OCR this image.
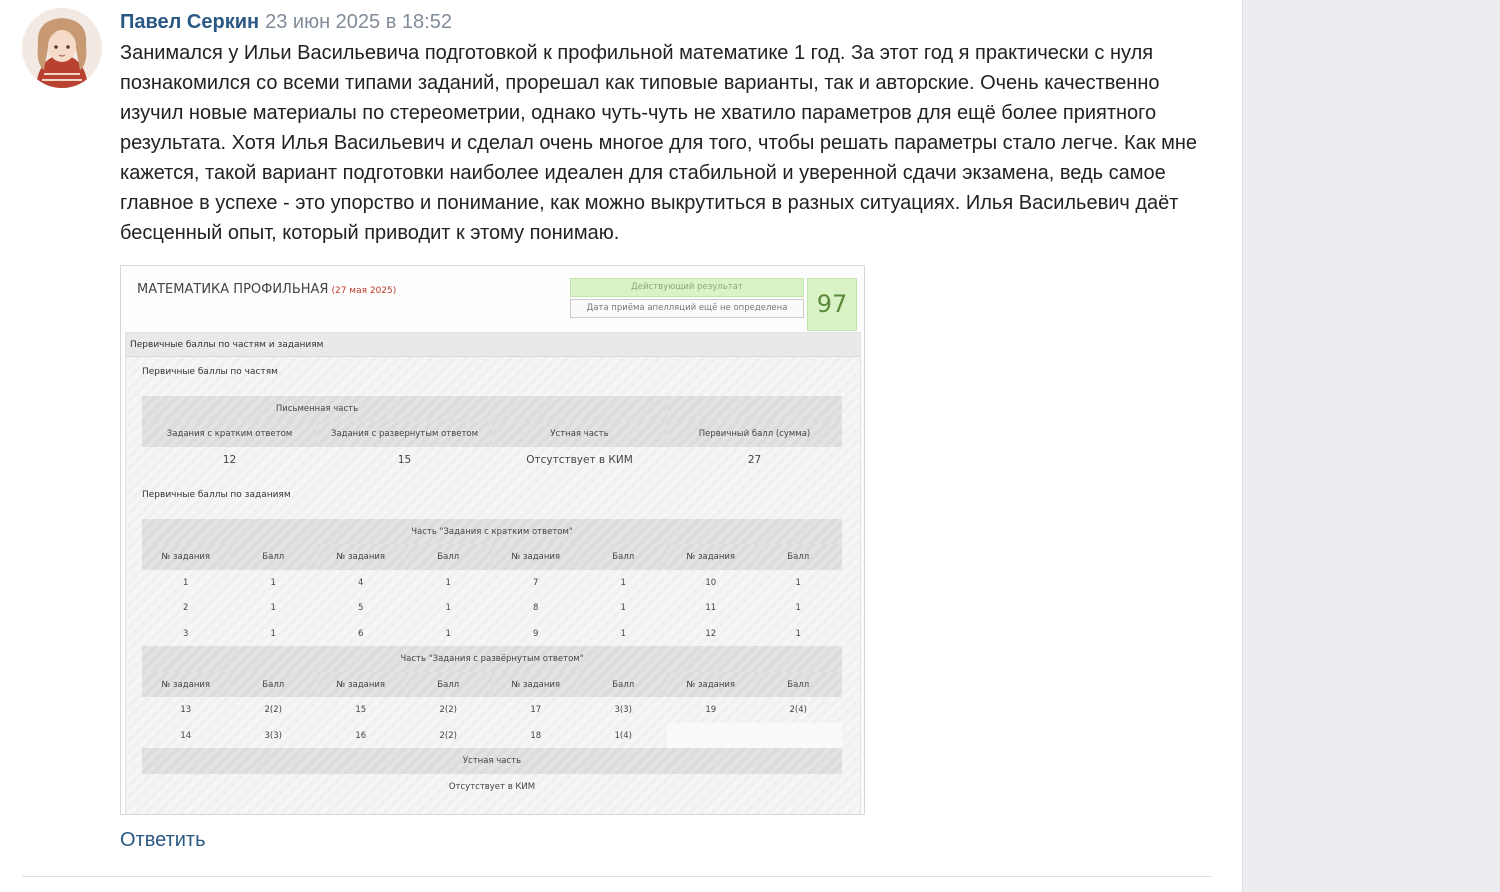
Павел Серкин 23 июн 2025 в 18:52
Занимался у Ильи Васильевича подготовкой к профильной математике 1 год. За этот год я практически с нуля познакомился со всеми типами заданий, прорешал как типовые варианты, так и авторские. Очень качественно изучил новые материалы по стереометрии, однако чуть-чуть не хватило параметров для ещё более приятного результата. Хотя Илья Васильевич и сделал очень многое для того, чтобы решать параметры стало легче. Как мне кажется, такой вариант подготовки наиболее идеален для стабильной и уверенной сдачи экзамена, ведь самое главное в успехе - это упорство и понимание, как можно выкрутиться в разных ситуациях. Илья Васильевич даёт бесценный опыт, который приводит к этому понимаю.
МАТЕМАТИКА ПРОФИЛЬНАЯ (27 мая 2025)	Действующий результат
Дата приёма апелляций ещё не определена	97
Первичные баллы по частям и заданиям
Первичные баллы по частям
Письменная часть			
Задания с кратким ответом	Задания с развернутым ответом	Устная часть	Первичный балл (сумма)
12	15	Отсутствует в КИМ	27
Первичные баллы по заданиям
Часть "Задания с кратким ответом"							
№ задания	Балл	№ задания	Балл	№ задания	Балл	№ задания	Балл
1	1	4	1	7	1	10	1
2	1	5	1	8	1	11	1
3	1	6	1	9	1	12	1
Часть "Задания с развёрнутым ответом"							
№ задания	Балл	№ задания	Балл	№ задания	Балл	№ задания	Балл
13	2(2)	15	2(2)	17	3(3)	19	2(4)
14	3(3)	16	2(2)	18	1(4)		
Устная часть							
Отсутствует в КИМ							
Ответить
